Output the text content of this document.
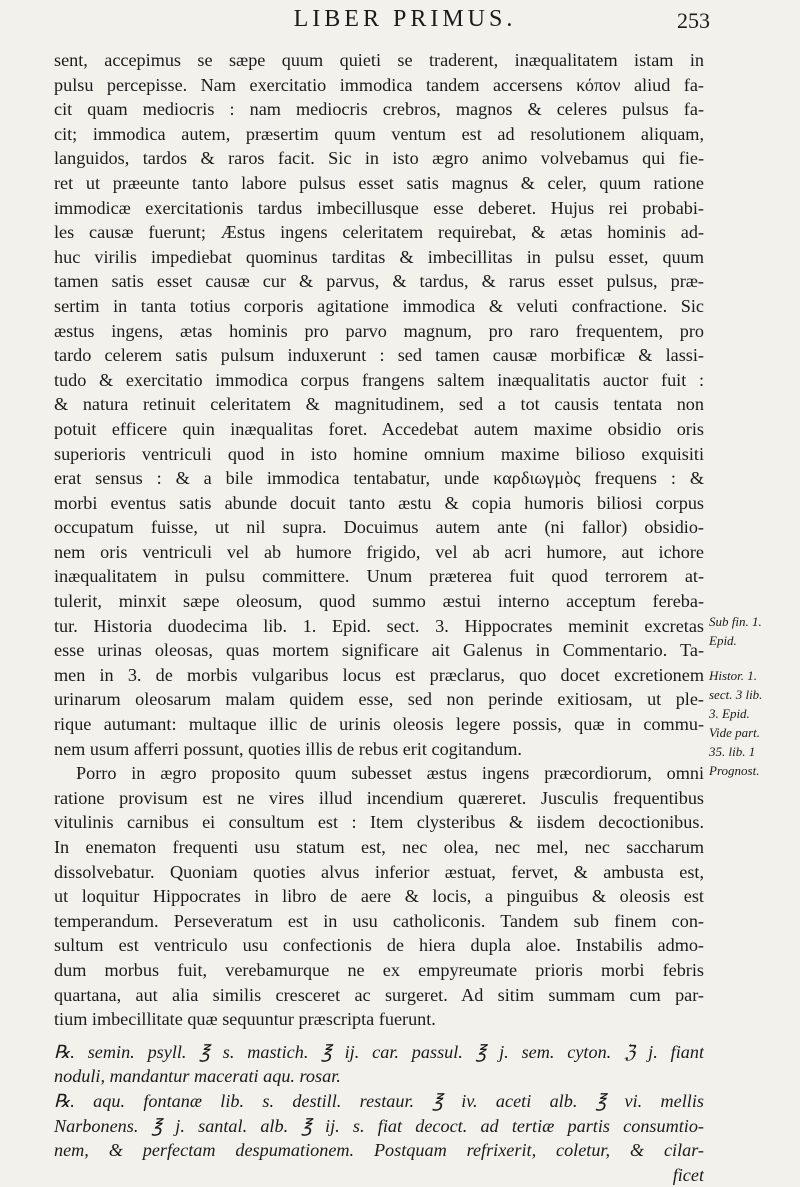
LIBER PRIMUS.	253
sent, accepimus se sæpe quum quieti se traderent, inæqualitatem istam in
pulsu percepisse. Nam exercitatio immodica tandem accersens κόπον aliud fa-
cit quam mediocris : nam mediocris crebros, magnos & celeres pulsus fa-
cit; immodica autem, præsertim quum ventum est ad resolutionem aliquam,
languidos, tardos & raros facit. Sic in isto ægro animo volvebamus qui fie-
ret ut præeunte tanto labore pulsus esset satis magnus & celer, quum ratione
immodicæ exercitationis tardus imbecillusque esse deberet. Hujus rei probabi-
les causæ fuerunt; Æstus ingens celeritatem requirebat, & ætas hominis ad-
huc virilis impediebat quominus tarditas & imbecillitas in pulsu esset, quum
tamen satis esset causæ cur & parvus, & tardus, & rarus esset pulsus, præ-
sertim in tanta totius corporis agitatione immodica & veluti confractione. Sic
æstus ingens, ætas hominis pro parvo magnum, pro raro frequentem, pro
tardo celerem satis pulsum induxerunt : sed tamen causæ morbificæ & lassi-
tudo & exercitatio immodica corpus frangens saltem inæqualitatis auctor fuit :
& natura retinuit celeritatem & magnitudinem, sed a tot causis tentata non
potuit efficere quin inæqualitas foret. Accedebat autem maxime obsidio oris
superioris ventriculi quod in isto homine omnium maxime biliosо exquisiti
erat sensus : & a bile immodica tentabatur, unde καρδιωγμὸς frequens : &
morbi eventus satis abunde docuit tanto æstu & copia humoris biliosi corpus
occupatum fuisse, ut nil supra. Docuimus autem ante (ni fallor) obsidio-
nem oris ventriculi vel ab humore frigido, vel ab acri humore, aut ichore
inæqualitatem in pulsu committere. Unum præterea fuit quod terrorem at-
tulerit, minxit sæpe oleosum, quod summo æstui interno acceptum fereba-
tur. Historia duodecima lib. 1. Epid. sect. 3. Hippocrates meminit excretas
esse urinas oleosas, quas mortem significare ait Galenus in Commentario. Ta-
men in 3. de morbis vulgaribus locus est præclarus, quo docet excretionem
urinarum oleosarum malam quidem esse, sed non perinde exitiosam, ut ple-
rique autumant: multaque illic de urinis oleosis legere possis, quæ in commu-
nem usum afferri possunt, quoties illis de rebus erit cogitandum.
Porro in ægro proposito quum subesset æstus ingens præcordiorum, omni
ratione provisum est ne vires illud incendium quæreret. Jusculis frequentibus
vitulinis carnibus ei consultum est : Item clysteribus & iisdem decoctionibus.
In enematon frequenti usu statum est, nec olea, nec mel, nec saccharum
dissolvebatur. Quoniam quoties alvus inferior æstuat, fervet, & ambusta est,
ut loquitur Hippocrates in libro de aere & locis, a pinguibus & oleosis est
temperandum. Perseveratum est in usu catholiconis. Tandem sub finem con-
sultum est ventriculo usu confectionis de hiera dupla aloe. Instabilis admo-
dum morbus fuit, verebamurque ne ex empyreumate prioris morbi febris
quartana, aut alia similis cresceret ac surgeret. Ad sitim summam cum par-
tium imbecillitate quæ sequuntur præscripta fuerunt.
℞. semin. psyll. ℥ s. mastich. ℥ ij. car. passul. ℥ j. sem. cyton. ℨ j. fiant
noduli, mandantur macerati aqu. rosar.
℞. aqu. fontanæ lib. s. destill. restaur. ℥ iv. aceti alb. ℥ vi. mellis
Narbonens. ℥ j. santal. alb. ℥ ij. s. fiat decoct. ad tertiæ partis consumtio-
nem, & perfectam despumationem. Postquam refrixerit, coletur, & cilar-
ficet
Sub fin. 1.
Epid.
Histor. 1.
sect. 3 lib.
3. Epid.
Vide part.
35. lib. 1
Prognost.
